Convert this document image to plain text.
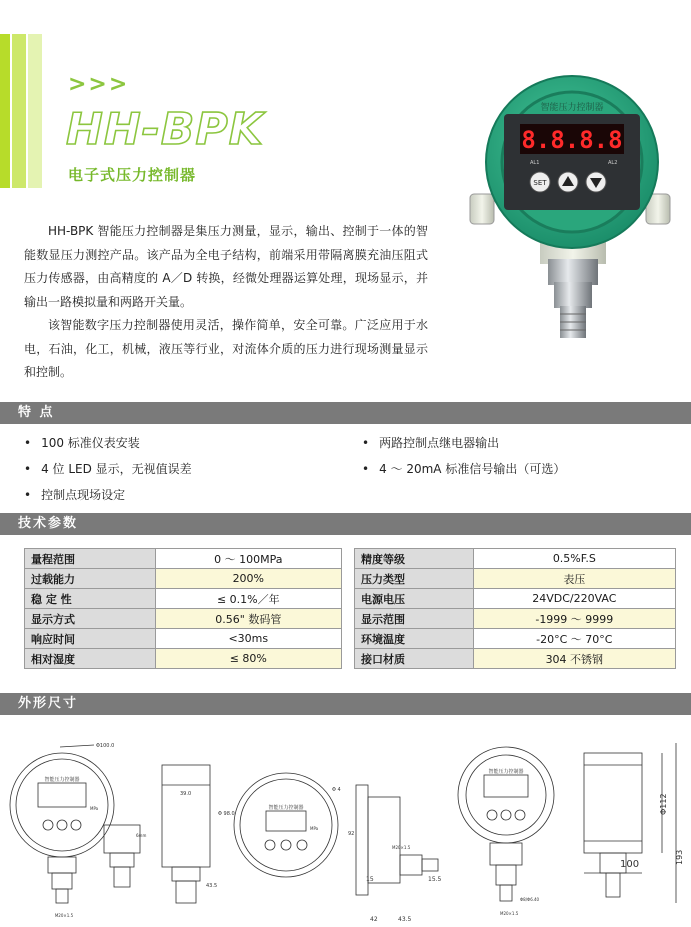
>>>
HH-BPK
电子式压力控制器
智能压力控制器
8.8.8.8
AL1	AL2
SET

HH-BPK 智能压力控制器是集压力测量，显示，输出、控制于一体的智能数显压力测控产品。该产品为全电子结构，前端采用带隔离膜充油压阻式压力传感器，由高精度的 A／D 转换，经微处理器运算处理，现场显示，并输出一路模拟量和两路开关量。

该智能数字压力控制器使用灵活，操作简单，安全可靠。广泛应用于水电，石油，化工，机械，液压等行业，对流体介质的压力进行现场测量显示和控制。

特 点
• 100 标准仪表安装
• 4 位 LED 显示，无视值误差
• 控制点现场设定
• 两路控制点继电器输出
• 4 ～ 20mA 标准信号输出（可选）
技术参数
量程范围	0 ～ 100MPa
过载能力	200%
稳 定 性	≤ 0.1%／年
显示方式	0.56" 数码管
响应时间	<30ms
相对湿度	≤ 80%
精度等级	0.5%F.S
压力类型	表压
电源电压	24VDC/220VAC
显示范围	-1999 ～ 9999
环境温度	-20°C ～ 70°C
接口材质	304 不锈钢
外形尺寸
智能压力控制器
MPa
Φ100.0
M20×1.5
6mm
39.0
Φ 98.0
43.5
智能压力控制器
MPa
Φ 4
92
42	43.5
15	15.5
M20×1.5
智能压力控制器
M20×1.5
Φ8/Φ6.40
Φ112
193
100
